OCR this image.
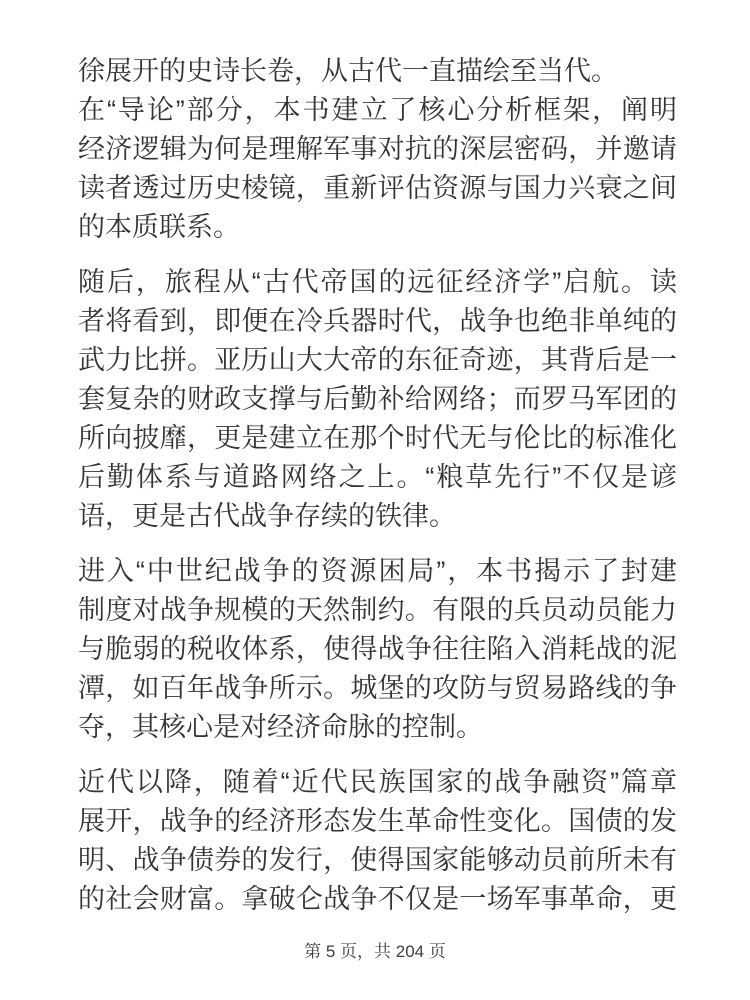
徐展开的史诗长卷，从古代一直描绘至当代。
在“导论”部分，本书建立了核心分析框架，阐明
经济逻辑为何是理解军事对抗的深层密码，并邀请
读者透过历史棱镜，重新评估资源与国力兴衰之间
的本质联系。
随后，旅程从“古代帝国的远征经济学”启航。读
者将看到，即便在冷兵器时代，战争也绝非单纯的
武力比拼。亚历山大大帝的东征奇迹，其背后是一
套复杂的财政支撑与后勤补给网络；而罗马军团的
所向披靡，更是建立在那个时代无与伦比的标准化
后勤体系与道路网络之上。“粮草先行”不仅是谚
语，更是古代战争存续的铁律。
进入“中世纪战争的资源困局”，本书揭示了封建
制度对战争规模的天然制约。有限的兵员动员能力
与脆弱的税收体系，使得战争往往陷入消耗战的泥
潭，如百年战争所示。城堡的攻防与贸易路线的争
夺，其核心是对经济命脉的控制。
近代以降，随着“近代民族国家的战争融资”篇章
展开，战争的经济形态发生革命性变化。国债的发
明、战争债券的发行，使得国家能够动员前所未有
的社会财富。拿破仑战争不仅是一场军事革命，更
第 5 页，共 204 页
